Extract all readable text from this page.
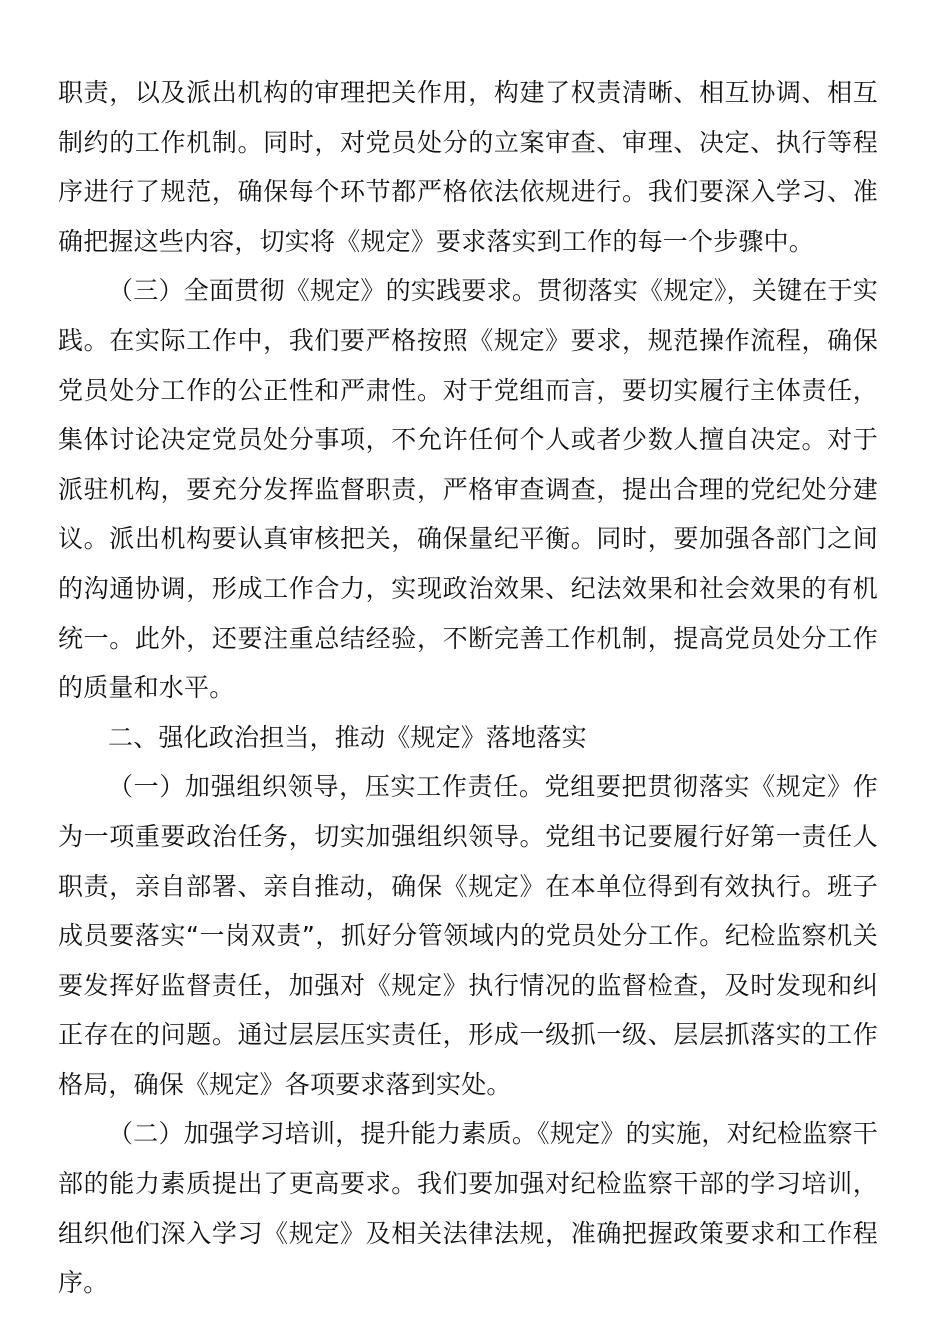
职责，以及派出机构的审理把关作用，构建了权责清晰、相互协调、相互制约的工作机制。同时，对党员处分的立案审查、审理、决定、执行等程序进行了规范，确保每个环节都严格依法依规进行。我们要深入学习、准确把握这些内容，切实将《规定》要求落实到工作的每一个步骤中。

（三）全面贯彻《规定》的实践要求。贯彻落实《规定》，关键在于实践。在实际工作中，我们要严格按照《规定》要求，规范操作流程，确保党员处分工作的公正性和严肃性。对于党组而言，要切实履行主体责任，集体讨论决定党员处分事项，不允许任何个人或者少数人擅自决定。对于派驻机构，要充分发挥监督职责，严格审查调查，提出合理的党纪处分建议。派出机构要认真审核把关，确保量纪平衡。同时，要加强各部门之间的沟通协调，形成工作合力，实现政治效果、纪法效果和社会效果的有机统一。此外，还要注重总结经验，不断完善工作机制，提高党员处分工作的质量和水平。

二、强化政治担当，推动《规定》落地落实

（一）加强组织领导，压实工作责任。党组要把贯彻落实《规定》作为一项重要政治任务，切实加强组织领导。党组书记要履行好第一责任人职责，亲自部署、亲自推动，确保《规定》在本单位得到有效执行。班子成员要落实“一岗双责”，抓好分管领域内的党员处分工作。纪检监察机关要发挥好监督责任，加强对《规定》执行情况的监督检查，及时发现和纠正存在的问题。通过层层压实责任，形成一级抓一级、层层抓落实的工作格局，确保《规定》各项要求落到实处。

（二）加强学习培训，提升能力素质。《规定》的实施，对纪检监察干部的能力素质提出了更高要求。我们要加强对纪检监察干部的学习培训，组织他们深入学习《规定》及相关法律法规，准确把握政策要求和工作程序。
